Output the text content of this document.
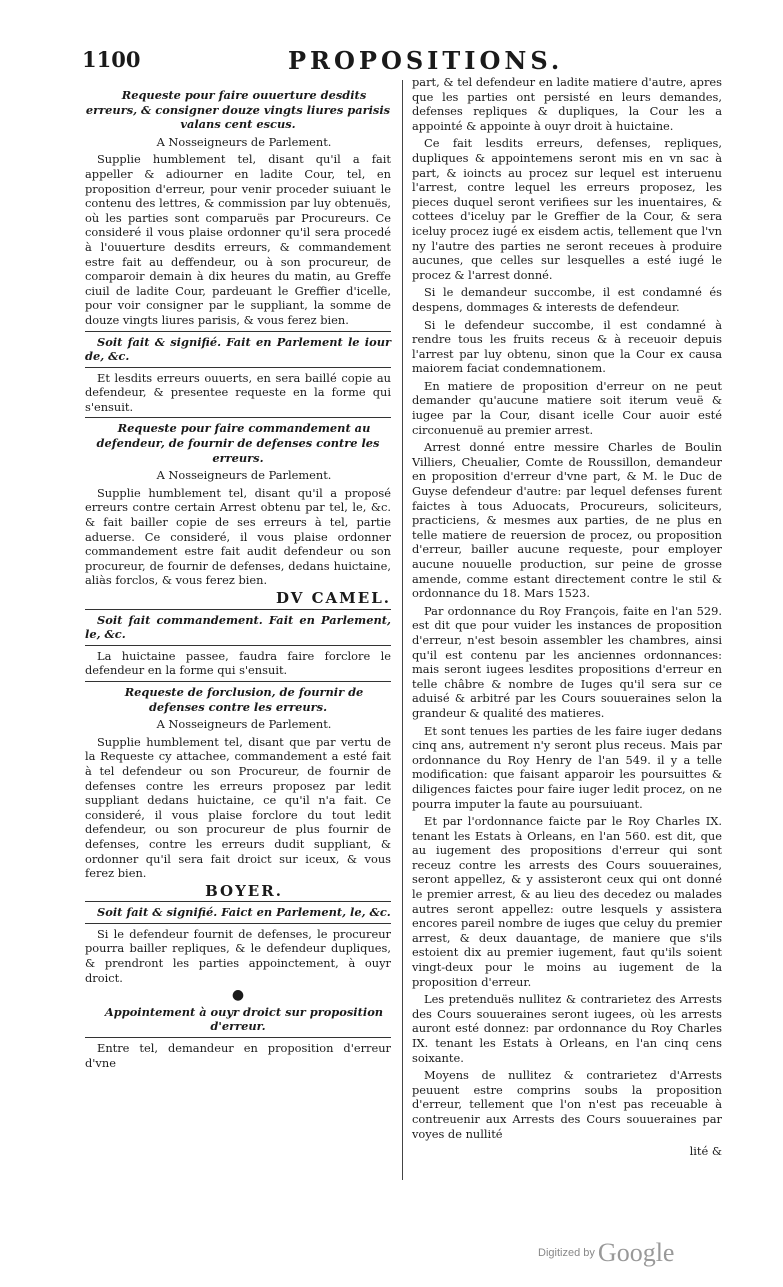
1100	PROPOSITIONS.

Requeste pour faire ouuerture desdits erreurs, & consigner douze vingts liures parisis valans cent escus.

A Nosseigneurs de Parlement.

Supplie humblement tel, disant qu'il a fait appeller & adiourner en ladite Cour, tel, en proposition d'erreur, pour venir proceder suiuant le contenu des lettres, & commission par luy obtenuës, où les parties sont comparuës par Procureurs. Ce consideré il vous plaise ordonner qu'il sera procedé à l'ouuerture desdits erreurs, & commandement estre fait au deffendeur, ou à son procureur, de comparoir demain à dix heures du matin, au Greffe ciuil de ladite Cour, pardeuant le Greffier d'icelle, pour voir consigner par le suppliant, la somme de douze vingts liures parisis, & vous ferez bien.

Soit fait & signifié. Fait en Parlement le iour de, &c.

Et lesdits erreurs ouuerts, en sera baillé copie au defendeur, & presentee requeste en la forme qui s'ensuit.

Requeste pour faire commandement au defendeur, de fournir de defenses contre les erreurs.

A Nosseigneurs de Parlement.

Supplie humblement tel, disant qu'il a proposé erreurs contre certain Arrest obtenu par tel, le, &c. & fait bailler copie de ses erreurs à tel, partie aduerse. Ce consideré, il vous plaise ordonner commandement estre fait audit defendeur ou son procureur, de fournir de defenses, dedans huictaine, aliàs forclos, & vous ferez bien.

DV CAMEL.

Soit fait commandement. Fait en Parlement, le, &c.

La huictaine passee, faudra faire forclore le defendeur en la forme qui s'ensuit.

Requeste de forclusion, de fournir de defenses contre les erreurs.

A Nosseigneurs de Parlement.

Supplie humblement tel, disant que par vertu de la Requeste cy attachee, commandement a esté fait à tel defendeur ou son Procureur, de fournir de defenses contre les erreurs proposez par ledit suppliant dedans huictaine, ce qu'il n'a fait. Ce consideré, il vous plaise forclore du tout ledit defendeur, ou son procureur de plus fournir de defenses, contre les erreurs dudit suppliant, & ordonner qu'il sera fait droict sur iceux, & vous ferez bien.

BOYER.

Soit fait & signifié. Faict en Parlement, le, &c.

Si le defendeur fournit de defenses, le procureur pourra bailler repliques, & le defendeur dupliques, & prendront les parties appoinctement, à ouyr droict.

●

Appointement à ouyr droict sur proposition d'erreur.

Entre tel, demandeur en proposition d'erreur d'vne

part, & tel defendeur en ladite matiere d'autre, apres que les parties ont persisté en leurs demandes, defenses repliques & dupliques, la Cour les a appointé & appointe à ouyr droit à huictaine.

Ce fait lesdits erreurs, defenses, repliques, dupliques & appointemens seront mis en vn sac à part, & ioincts au procez sur lequel est interuenu l'arrest, contre lequel les erreurs proposez, les pieces duquel seront verifiees sur les inuentaires, & cottees d'iceluy par le Greffier de la Cour, & sera iceluy procez iugé ex eisdem actis, tellement que l'vn ny l'autre des parties ne seront receues à produire aucunes, que celles sur lesquelles a esté iugé le procez & l'arrest donné.

Si le demandeur succombe, il est condamné és despens, dommages & interests de defendeur.

Si le defendeur succombe, il est condamné à rendre tous les fruits receus & à receuoir depuis l'arrest par luy obtenu, sinon que la Cour ex causa maiorem faciat condemnationem.

En matiere de proposition d'erreur on ne peut demander qu'aucune matiere soit iterum veuë & iugee par la Cour, disant icelle Cour auoir esté circonuenuë au premier arrest.

Arrest donné entre messire Charles de Boulin Villiers, Cheualier, Comte de Roussillon, demandeur en proposition d'erreur d'vne part, & M. le Duc de Guyse defendeur d'autre: par lequel defenses furent faictes à tous Aduocats, Procureurs, soliciteurs, practiciens, & mesmes aux parties, de ne plus en telle matiere de reuersion de procez, ou proposition d'erreur, bailler aucune requeste, pour employer aucune nouuelle production, sur peine de grosse amende, comme estant directement contre le stil & ordonnance du 18. Mars 1523.

Par ordonnance du Roy François, faite en l'an 529. est dit que pour vuider les instances de proposition d'erreur, n'est besoin assembler les chambres, ainsi qu'il est contenu par les anciennes ordonnances: mais seront iugees lesdites propositions d'erreur en telle châbre & nombre de Iuges qu'il sera sur ce aduisé & arbitré par les Cours souueraines selon la grandeur & qualité des matieres.

Et sont tenues les parties de les faire iuger dedans cinq ans, autrement n'y seront plus receus. Mais par ordonnance du Roy Henry de l'an 549. il y a telle modification: que faisant apparoir les poursuittes & diligences faictes pour faire iuger ledit procez, on ne pourra imputer la faute au poursuiuant.

Et par l'ordonnance faicte par le Roy Charles IX. tenant les Estats à Orleans, en l'an 560. est dit, que au iugement des propositions d'erreur qui sont receuz contre les arrests des Cours souueraines, seront appellez, & y assisteront ceux qui ont donné le premier arrest, & au lieu des decedez ou malades autres seront appellez: outre lesquels y assistera encores pareil nombre de iuges que celuy du premier arrest, & deux dauantage, de maniere que s'ils estoient dix au premier iugement, faut qu'ils soient vingt-deux pour le moins au iugement de la proposition d'erreur.

Les pretenduës nullitez & contrarietez des Arrests des Cours souueraines seront iugees, où les arrests auront esté donnez: par ordonnance du Roy Charles IX. tenant les Estats à Orleans, en l'an cinq cens soixante.

Moyens de nullitez & contrarietez d'Arrests peuuent estre comprins soubs la proposition d'erreur, tellement que l'on n'est pas receuable à contreuenir aux Arrests des Cours souueraines par voyes de nullité

lité &

Digitized by Google
